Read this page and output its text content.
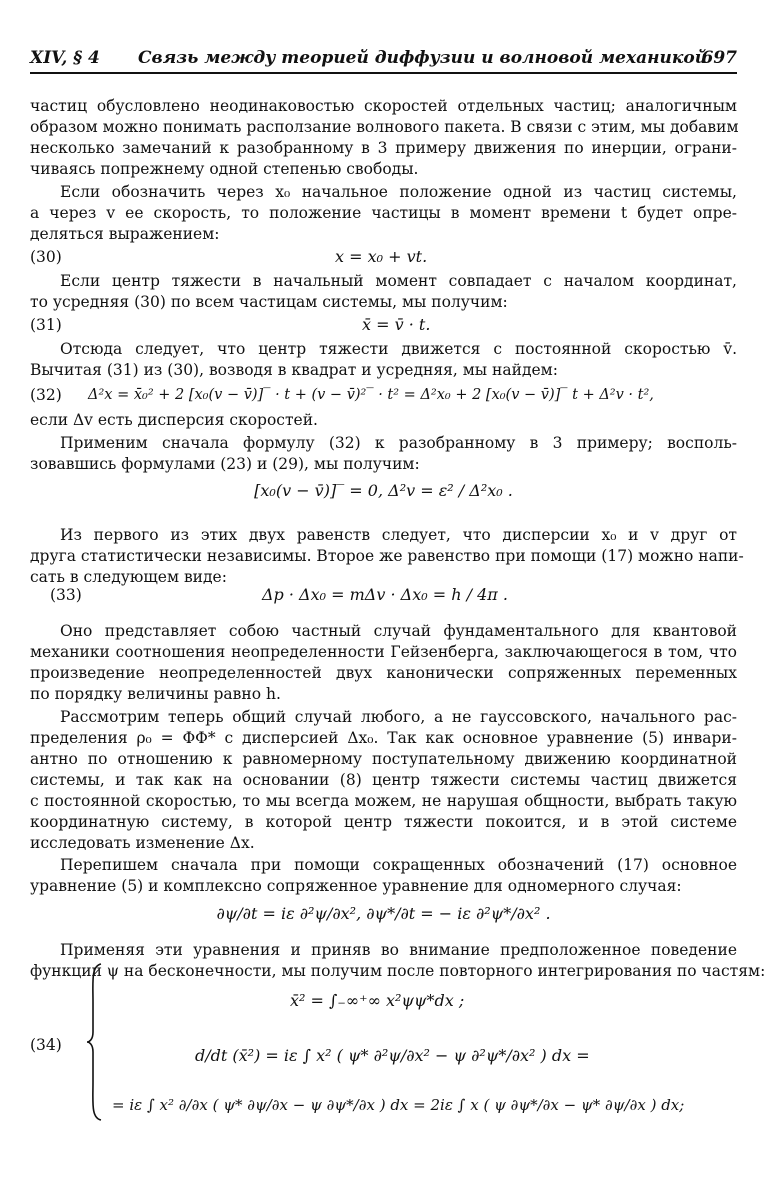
XIV, § 4 Связь между теорией диффузии и волновой механикой
697
частиц обусловлено неодинаковостью скоростей отдельных частиц; аналогичным
образом можно понимать расползание волнового пакета. В связи с этим, мы добавим
несколько замечаний к разобранному в 3 примеру движения по инерции, ограни-
чиваясь попрежнему одной степенью свободы.
Если обозначить через x₀ начальное положение одной из частиц системы,
а через v ее скорость, то положение частицы в момент времени t будет опре-
деляться выражением:
(30)	x = x₀ + vt.
Если центр тяжести в начальный момент совпадает с началом координат,
то усредняя (30) по всем частицам системы, мы получим:
(31)	x̄ = v̄ · t.
Отсюда следует, что центр тяжести движется с постоянной скоростью v̄.
Вычитая (31) из (30), возводя в квадрат и усредняя, мы найдем:
(32) Δ²x = x̄₀² + 2 [x₀(v − v̄)]‾ · t + (v − v̄)²‾ · t² = Δ²x₀ + 2 [x₀(v − v̄)]‾ t + Δ²v · t²,
если Δv есть дисперсия скоростей.
Применим сначала формулу (32) к разобранному в 3 примеру; восполь-
зовавшись формулами (23) и (29), мы получим:
[x₀(v − v̄)]‾ = 0, Δ²v = ε² / Δ²x₀ .
Из первого из этих двух равенств следует, что дисперсии x₀ и v друг от
друга статистически независимы. Второе же равенство при помощи (17) можно напи-
сать в следующем виде:
(33)	Δp · Δx₀ = mΔv · Δx₀ = h / 4π .
Оно представляет собою частный случай фундаментального для квантовой
механики соотношения неопределенности Гейзенберга, заключающегося в том, что
произведение неопределенностей двух канонически сопряженных переменных
по порядку величины равно h.
Рассмотрим теперь общий случай любого, а не гауссовского, начального рас-
пределения ρ₀ = ΦΦ* с дисперсией Δx₀. Так как основное уравнение (5) инвари-
антно по отношению к равномерному поступательному движению координатной
системы, и так как на основании (8) центр тяжести системы частиц движется
с постоянной скоростью, то мы всегда можем, не нарушая общности, выбрать такую
координатную систему, в которой центр тяжести покоится, и в этой системе
исследовать изменение Δx.
Перепишем сначала при помощи сокращенных обозначений (17) основное
уравнение (5) и комплексно сопряженное уравнение для одномерного случая:
∂ψ/∂t = iε ∂²ψ/∂x², ∂ψ*/∂t = − iε ∂²ψ*/∂x² .
Применяя эти уравнения и приняв во внимание предположенное поведение
функции ψ на бесконечности, мы получим после повторного интегрирования по частям:
(34)
x̄² = ∫₋∞⁺∞ x²ψψ*dx ;
d/dt (x̄²) = iε ∫ x² ( ψ* ∂²ψ/∂x² − ψ ∂²ψ*/∂x² ) dx =
= iε ∫ x² ∂/∂x ( ψ* ∂ψ/∂x − ψ ∂ψ*/∂x ) dx = 2iε ∫ x ( ψ ∂ψ*/∂x − ψ* ∂ψ/∂x ) dx;
